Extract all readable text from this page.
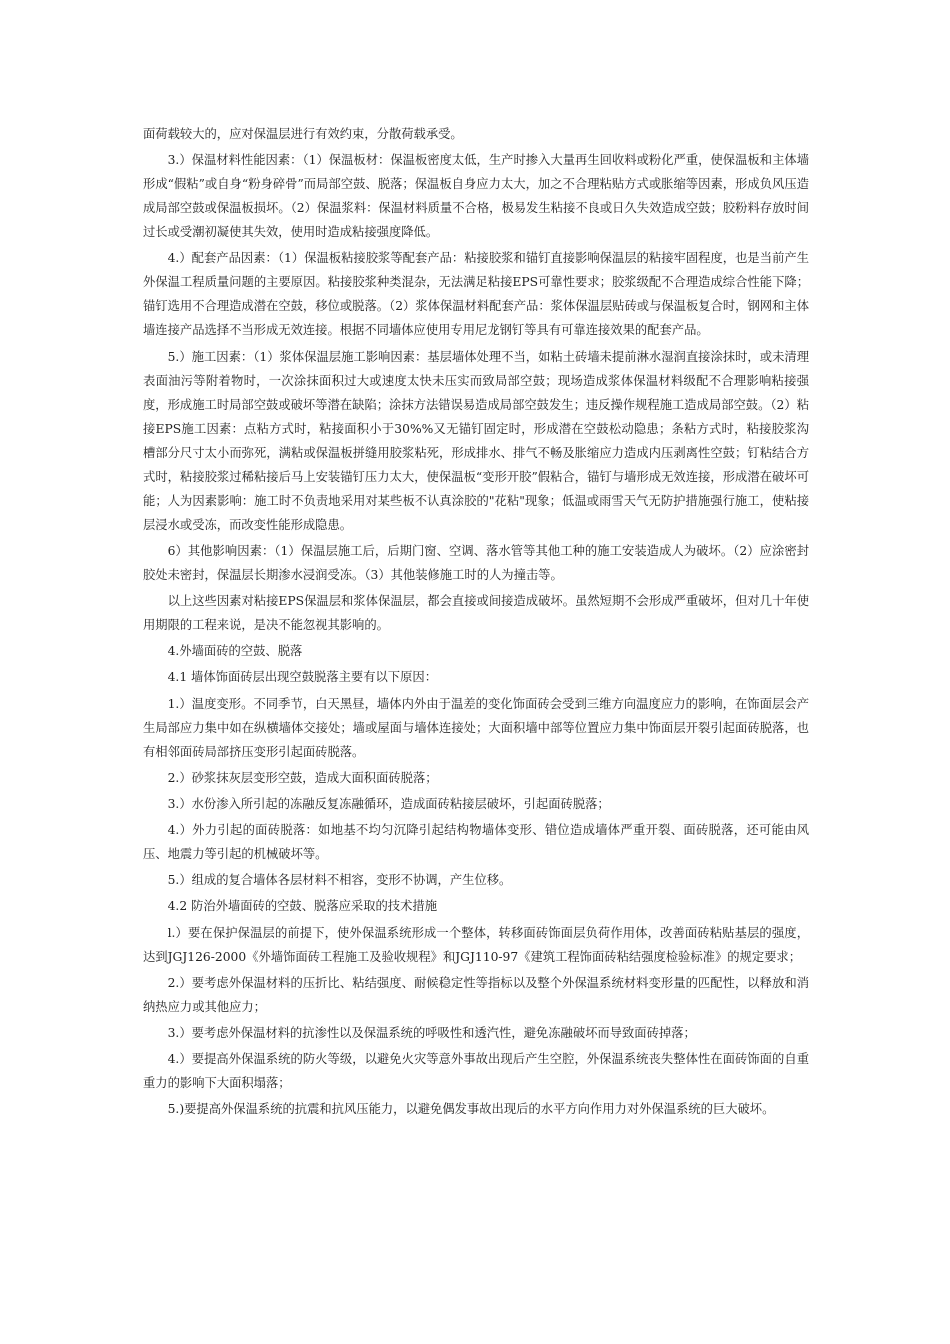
面荷载较大的，应对保温层进行有效约束，分散荷载承受。

3.）保温材料性能因素：（1）保温板材：保温板密度太低，生产时掺入大量再生回收料或粉化严重，使保温板和主体墙形成“假粘”或自身“粉身碎骨”而局部空鼓、脱落；保温板自身应力太大，加之不合理粘贴方式或胀缩等因素，形成负风压造成局部空鼓或保温板损坏。（2）保温浆料：保温材料质量不合格，极易发生粘接不良或日久失效造成空鼓；胶粉料存放时间过长或受潮初凝使其失效，使用时造成粘接强度降低。

4.）配套产品因素：（1）保温板粘接胶浆等配套产品：粘接胶浆和锚钉直接影响保温层的粘接牢固程度，也是当前产生外保温工程质量问题的主要原因。粘接胶浆种类混杂，无法满足粘接EPS可靠性要求；胶浆级配不合理造成综合性能下降；锚钉选用不合理造成潜在空鼓，移位或脱落。（2）浆体保温材料配套产品：浆体保温层贴砖或与保温板复合时，钢网和主体墙连接产品选择不当形成无效连接。根据不同墙体应使用专用尼龙钢钉等具有可靠连接效果的配套产品。

5.）施工因素：（1）浆体保温层施工影响因素：基层墙体处理不当，如粘土砖墙未提前淋水湿润直接涂抹时，或未清理表面油污等附着物时，一次涂抹面积过大或速度太快未压实而致局部空鼓；现场造成浆体保温材料级配不合理影响粘接强度，形成施工时局部空鼓或破坏等潜在缺陷；涂抹方法错误易造成局部空鼓发生；违反操作规程施工造成局部空鼓。（2）粘接EPS施工因素：点粘方式时，粘接面积小于30%%又无锚钉固定时，形成潜在空鼓松动隐患；条粘方式时，粘接胶浆沟槽部分尺寸太小而弥死，满粘或保温板拼缝用胶浆粘死，形成排水、排气不畅及胀缩应力造成内压剥离性空鼓；钉粘结合方式时，粘接胶浆过稀粘接后马上安装锚钉压力太大，使保温板“变形开胶”假粘合，锚钉与墙形成无效连接，形成潜在破坏可能；人为因素影响：施工时不负责地采用对某些板不认真涂胶的"花粘"现象；低温或雨雪天气无防护措施强行施工，使粘接层浸水或受冻，而改变性能形成隐患。

6）其他影响因素：（1）保温层施工后，后期门窗、空调、落水管等其他工种的施工安装造成人为破坏。（2）应涂密封胶处未密封，保温层长期渗水浸润受冻。（3）其他装修施工时的人为撞击等。

以上这些因素对粘接EPS保温层和浆体保温层，都会直接或间接造成破坏。虽然短期不会形成严重破坏，但对几十年使用期限的工程来说，是决不能忽视其影响的。

4.外墙面砖的空鼓、脱落

4.1 墙体饰面砖层出现空鼓脱落主要有以下原因：

1.）温度变形。不同季节，白天黑昼，墙体内外由于温差的变化饰面砖会受到三维方向温度应力的影响，在饰面层会产生局部应力集中如在纵横墙体交接处；墙或屋面与墙体连接处；大面积墙中部等位置应力集中饰面层开裂引起面砖脱落，也有相邻面砖局部挤压变形引起面砖脱落。

2.）砂浆抹灰层变形空鼓，造成大面积面砖脱落；

3.）水份渗入所引起的冻融反复冻融循环，造成面砖粘接层破坏，引起面砖脱落；

4.）外力引起的面砖脱落：如地基不均匀沉降引起结构物墙体变形、错位造成墙体严重开裂、面砖脱落，还可能由风压、地震力等引起的机械破坏等。

5.）组成的复合墙体各层材料不相容，变形不协调，产生位移。

4.2 防治外墙面砖的空鼓、脱落应采取的技术措施

l.）要在保护保温层的前提下，使外保温系统形成一个整体，转移面砖饰面层负荷作用体，改善面砖粘贴基层的强度，达到JGJ126-2000《外墙饰面砖工程施工及验收规程》和JGJ110-97《建筑工程饰面砖粘结强度检验标准》的规定要求；

2.）要考虑外保温材料的压折比、粘结强度、耐候稳定性等指标以及整个外保温系统材料变形量的匹配性，以释放和消纳热应力或其他应力；

3.）要考虑外保温材料的抗渗性以及保温系统的呼吸性和透汽性，避免冻融破坏而导致面砖掉落；

4.）要提高外保温系统的防火等级，以避免火灾等意外事故出现后产生空腔，外保温系统丧失整体性在面砖饰面的自重重力的影响下大面积塌落；

5.)要提高外保温系统的抗震和抗风压能力，以避免偶发事故出现后的水平方向作用力对外保温系统的巨大破坏。
